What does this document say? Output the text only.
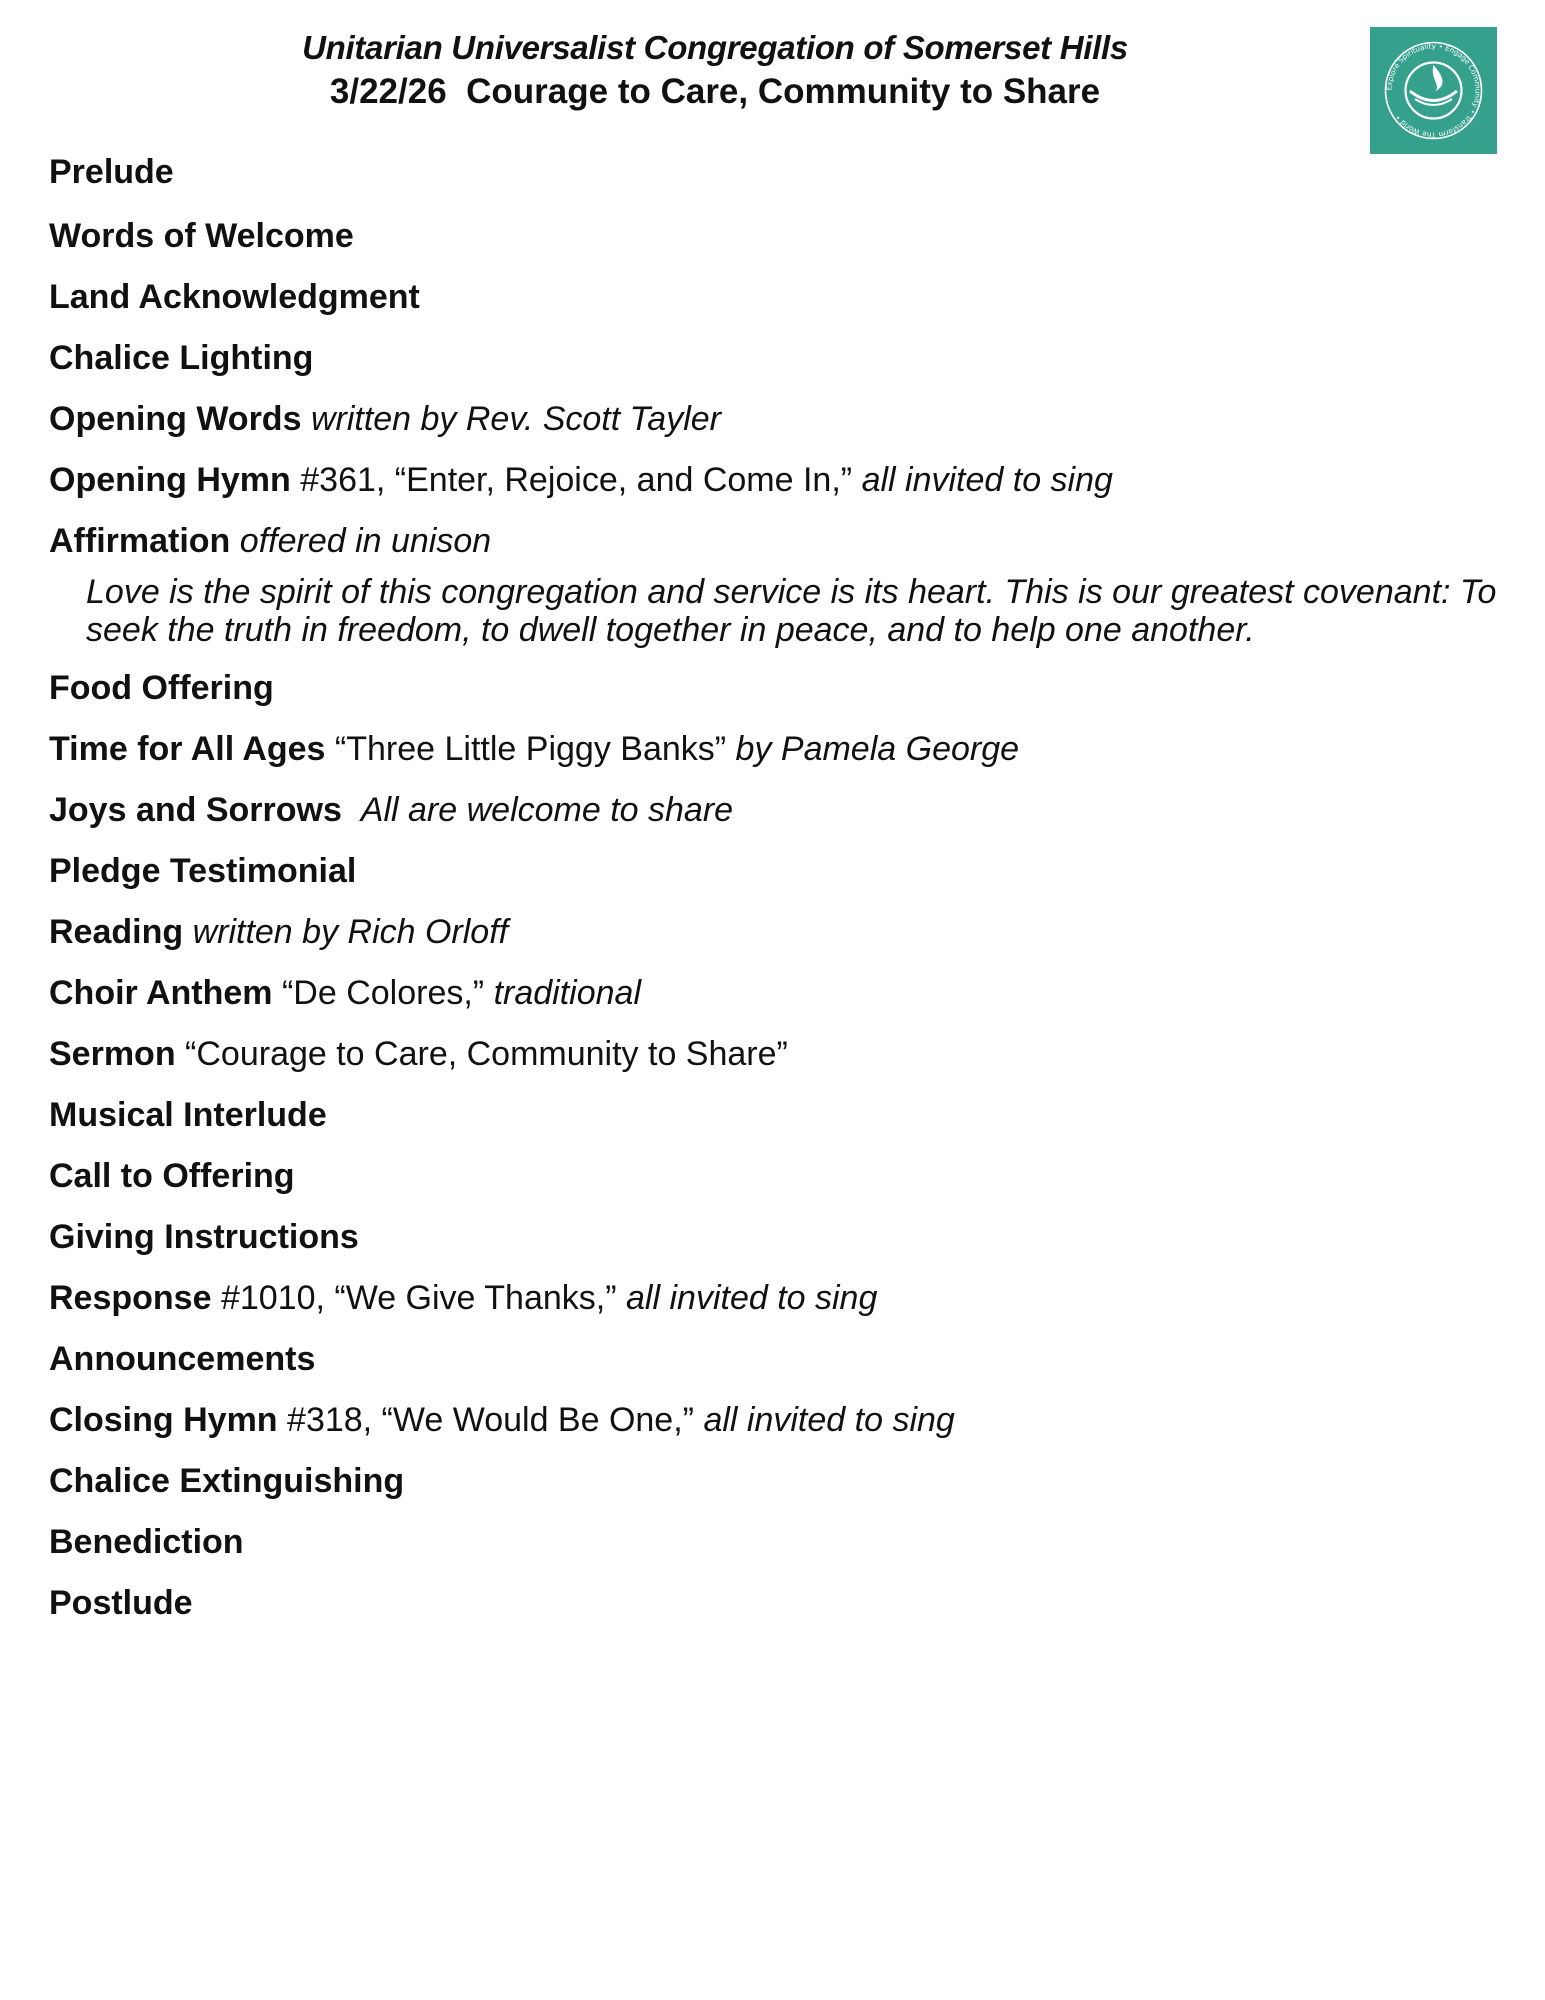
Unitarian Universalist Congregation of Somerset Hills
3/22/26 Courage to Care, Community to Share	Explore Spirituality • Engage Community • Transform The World •
Prelude
Words of Welcome
Land Acknowledgment
Chalice Lighting
Opening Words written by Rev. Scott Tayler
Opening Hymn #361, “Enter, Rejoice, and Come In,” all invited to sing
Affirmation offered in unison
Love is the spirit of this congregation and service is its heart. This is our greatest covenant: To seek the truth in freedom, to dwell together in peace, and to help one another.
Food Offering
Time for All Ages “Three Little Piggy Banks” by Pamela George
Joys and Sorrows All are welcome to share
Pledge Testimonial
Reading written by Rich Orloff
Choir Anthem “De Colores,” traditional
Sermon “Courage to Care, Community to Share”
Musical Interlude
Call to Offering
Giving Instructions
Response #1010, “We Give Thanks,” all invited to sing
Announcements
Closing Hymn #318, “We Would Be One,” all invited to sing
Chalice Extinguishing
Benediction
Postlude
